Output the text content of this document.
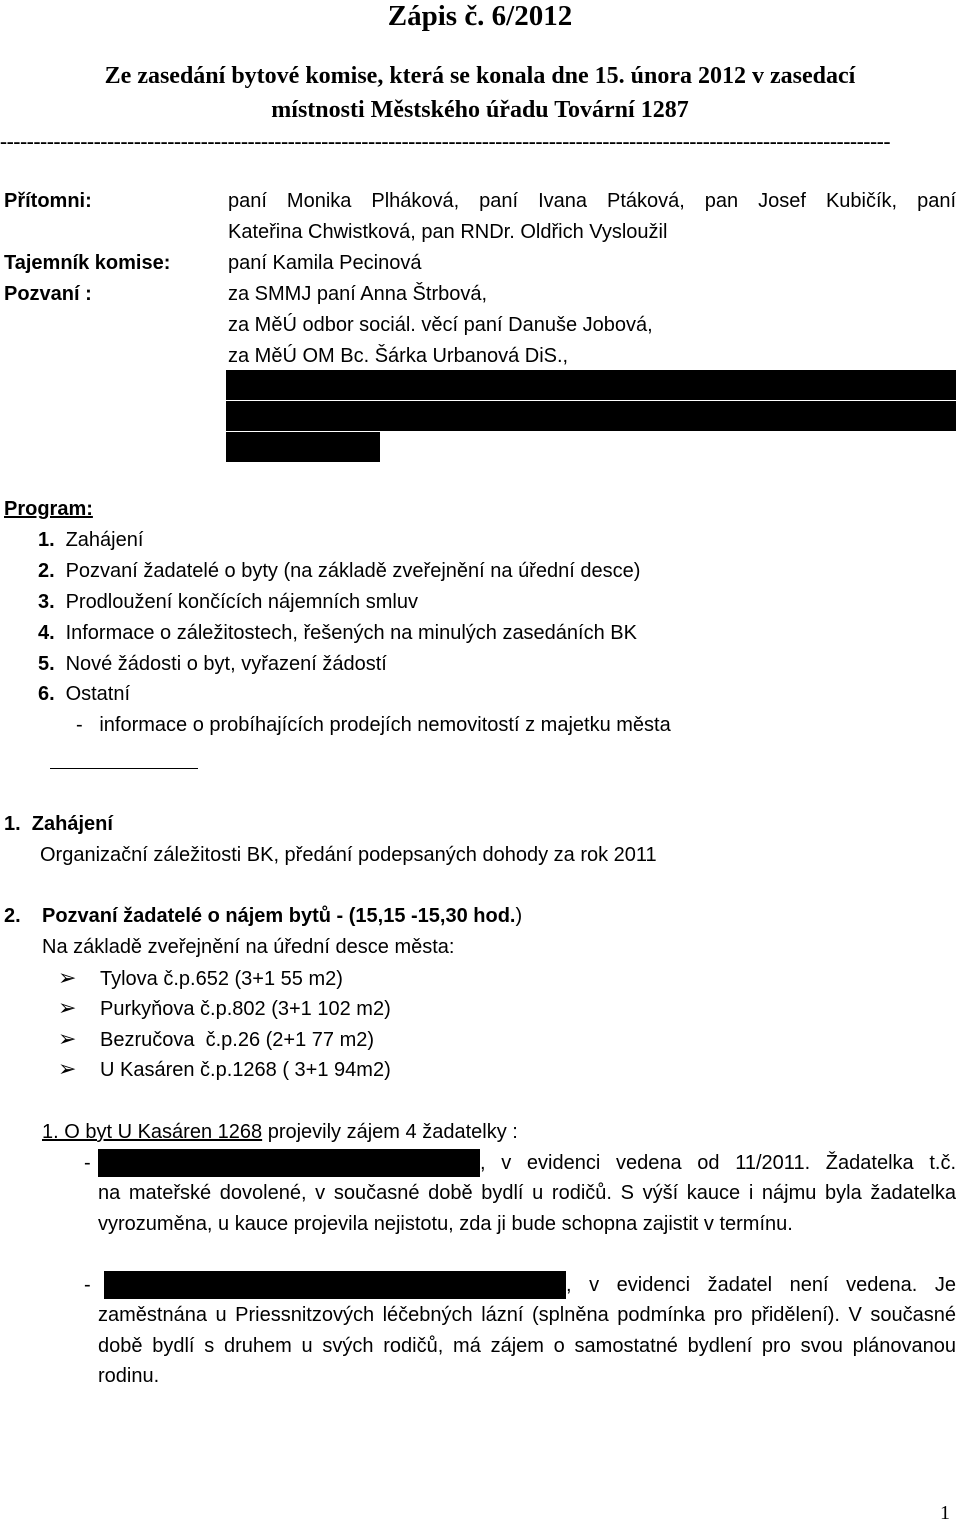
Zápis č. 6/2012
Ze zasedání bytové komise, která se konala dne 15. února 2012 v zasedací
místnosti Městského úřadu Tovární 1287
-------------------------------------------------------------------------------------------------------------------------------------
Přítomni:	paní Monika Plháková, paní Ivana Ptáková, pan Josef Kubičík, paní
Kateřina Chwistková, pan RNDr. Oldřich Vysloužil
Tajemník komise:	paní Kamila Pecinová
Pozvaní :	za SMMJ paní Anna Štrbová,
za MěÚ odbor sociál. věcí paní Danuše Jobová,
za MěÚ OM Bc. Šárka Urbanová DiS.,
Program:
1. Zahájení
2. Pozvaní žadatelé o byty (na základě zveřejnění na úřední desce)
3. Prodloužení končících nájemních smluv
4. Informace o záležitostech, řešených na minulých zasedáních BK
5. Nové žádosti o byt, vyřazení žádostí
6. Ostatní
-   informace o probíhajících prodejích nemovitostí z majetku města
1.  Zahájení
Organizační záležitosti BK, předání podepsaných dohody za rok 2011
2. Pozvaní žadatelé o nájem bytů - (15,15 -15,30 hod.)
Na základě zveřejnění na úřední desce města:
➢ Tylova č.p.652 (3+1 55 m2)
➢ Purkyňova č.p.802 (3+1 102 m2)
➢ Bezručova  č.p.26 (2+1 77 m2)
➢ U Kasáren č.p.1268 ( 3+1 94m2)
1. O byt U Kasáren 1268 projevily zájem 4 žadatelky :
-	, v evidenci vedena od 11/2011. Žadatelka t.č.
na mateřské dovolené, v současné době bydlí u rodičů. S výší kauce i nájmu byla žadatelka vyrozuměna, u kauce projevila nejistotu, zda ji bude schopna zajistit v termínu.
-	, v evidenci žadatel není vedena. Je
zaměstnána u Priessnitzových léčebných lázní (splněna podmínka pro přidělení). V současné době bydlí s druhem u svých rodičů, má zájem o samostatné bydlení pro svou plánovanou rodinu.
1
